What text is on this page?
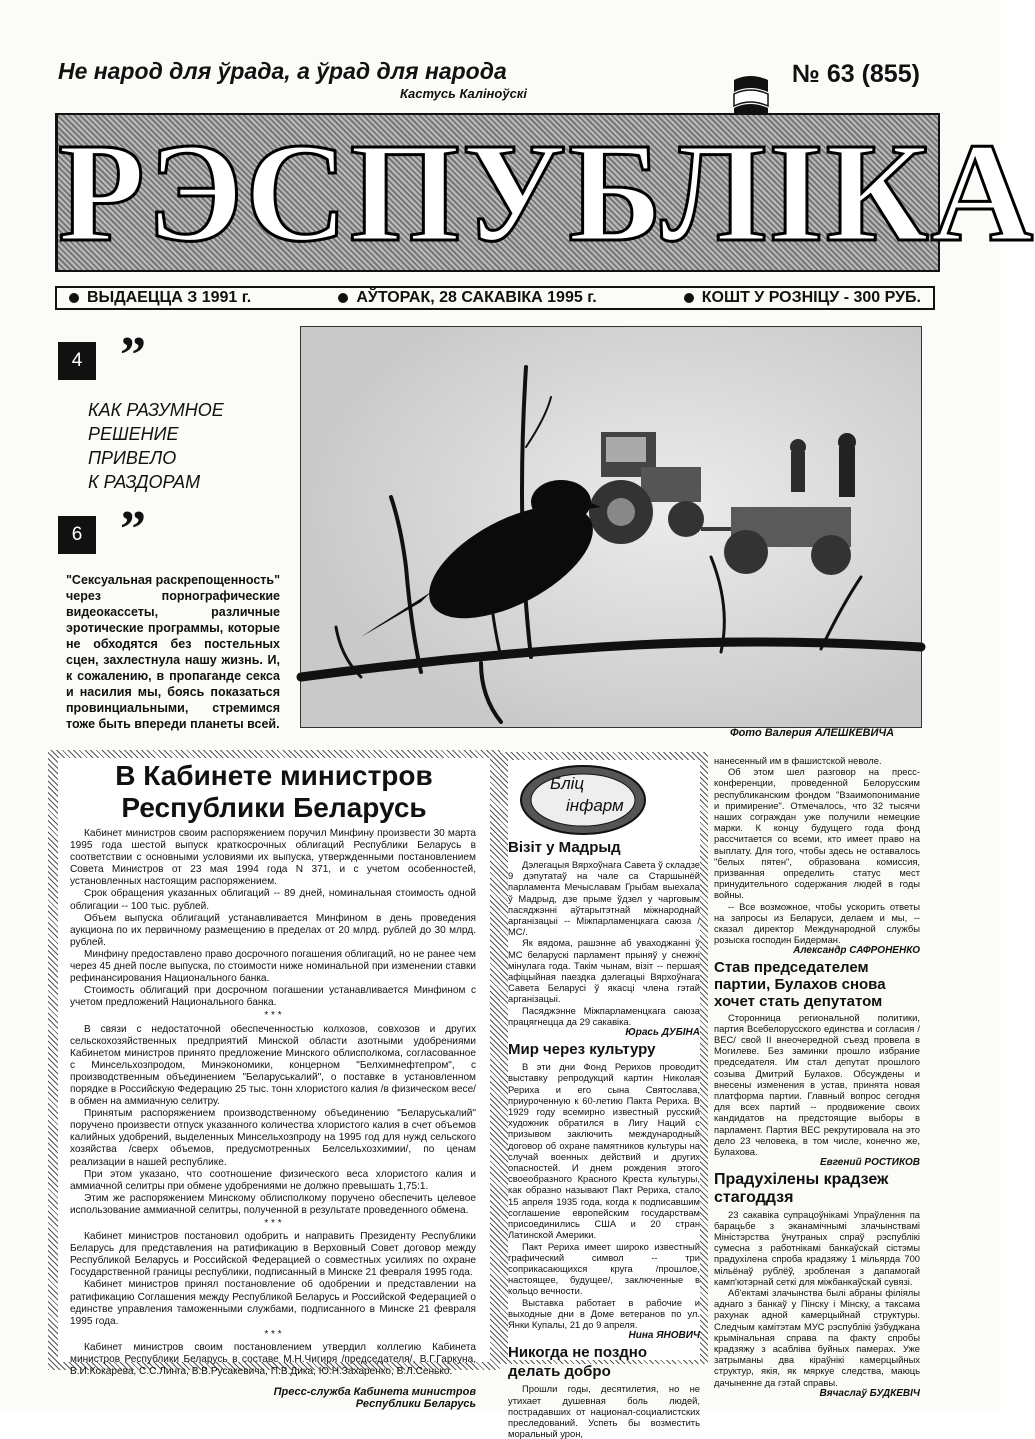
Не народ для ўрада, а ўрад для народа
Кастусь Каліноўскі
№ 63 (855)
РЭСПУБЛІКА
ВЫДАЕЦЦА З 1991 г.	АЎТОРАК, 28 САКАВІКА 1995 г.	КОШТ У РОЗНІЦУ - 300 РУБ.
4 ”
КАК РАЗУМНОЕ
РЕШЕНИЕ
ПРИВЕЛО
К РАЗДОРАМ
6 ”
"Сексуальная раскрепощенность" через порнографические видеокассеты, различные эротические программы, которые не обходятся без постельных сцен, захлестнула нашу жизнь. И, к сожалению, в пропаганде секса и насилия мы, боясь показаться провинциальными, стремимся тоже быть впереди планеты всей.
Фото Валерия АЛЕШКЕВИЧА
В Кабинете министров
Республики Беларусь

Кабинет министров своим распоряжением поручил Минфину произвести 30 марта 1995 года шестой выпуск краткосрочных облигаций Республики Беларусь в соответствии с основными условиями их выпуска, утвержденными постановлением Совета Министров от 23 мая 1994 года N 371, и с учетом особенностей, установленных настоящим распоряжением.

Срок обращения указанных облигаций -- 89 дней, номинальная стоимость одной облигации -- 100 тыс. рублей.

Объем выпуска облигаций устанавливается Минфином в день проведения аукциона по их первичному размещению в пределах от 20 млрд. рублей до 30 млрд. рублей.

Минфину предоставлено право досрочного погашения облигаций, но не ранее чем через 45 дней после выпуска, по стоимости ниже номинальной при изменении ставки рефинансирования Национального банка.

Стоимость облигаций при досрочном погашении устанавливается Минфином с учетом предложений Национального банка.

* * *

В связи с недостаточной обеспеченностью колхозов, совхозов и других сельскохозяйственных предприятий Минской области азотными удобрениями Кабинетом министров принято предложение Минского облисполкома, согласованное с Минсельхозпродом, Минэкономики, концерном "Белхимнефтепром", с производственным объединением "Беларуськалий", о поставке в установленном порядке в Российскую Федерацию 25 тыс. тонн хлористого калия /в физическом весе/ в обмен на аммиачную селитру.

Принятым распоряжением производственному объединению "Беларуськалий" поручено произвести отпуск указанного количества хлористого калия в счет объемов калийных удобрений, выделенных Минсельхозпроду на 1995 год для нужд сельского хозяйства /сверх объемов, предусмотренных Белсельхозхимии/, по ценам реализации в нашей республике.

При этом указано, что соотношение физического веса хлористого калия и аммиачной селитры при обмене удобрениями не должно превышать 1,75:1.

Этим же распоряжением Минскому облисполкому поручено обеспечить целевое использование аммиачной селитры, полученной в результате проведенного обмена.

* * *

Кабинет министров постановил одобрить и направить Президенту Республики Беларусь для представления на ратификацию в Верховный Совет договор между Республикой Беларусь и Российской Федерацией о совместных усилиях по охране Государственной границы республики, подписанный в Минске 21 февраля 1995 года.

Кабинет министров принял постановление об одобрении и представлении на ратификацию Соглашения между Республикой Беларусь и Российской Федерацией о единстве управления таможенными службами, подписанного в Минске 21 февраля 1995 года.

* * *

Кабинет министров своим постановлением утвердил коллегию Кабинета министров Республики Беларусь в составе М.Н.Чигиря /председателя/, В.Г.Гаркуна, В.И.Кокарева, С.С.Линга, В.В.Русакевича, П.В.Дика, Ю.Н.Захаренко, В.Л.Сенько.

Пресс-служба Кабинета министров
Республики Беларусь
Бліц
інфарм
Візіт у Мадрыд

Дэлегацыя Вярхоўнага Савета ў складзе 9 дэпутатаў на чале са Старшынёй парламента Мечыславам Грыбам выехала ў Мадрыд, дзе прыме ўдзел у чарговым пасяджэнні аўтарытэтнай міжнароднай арганізацыі -- Міжпарламенцкага саюза /МС/.

Як вядома, рашэнне аб уваходжанні ў МС беларускі парламент прыняў у снежні мінулага года. Такім чынам, візіт -- першая афіцыйная паездка дэлегацыі Вярхоўнага Савета Беларусі ў якасці члена гэтай арганізацыі.

Пасяджэнне Міжпарламенцкага саюза працягнецца да 29 сакавіка.

Юрась ДУБІНА
Мир через культуру

В эти дни Фонд Рерихов проводит выставку репродукций картин Николая Рериха и его сына Святослава, приуроченную к 60-летию Пакта Рериха. В 1929 году всемирно известный русский художник обратился в Лигу Наций с призывом заключить международный договор об охране памятников культуры на случай военных действий и других опасностей. И днем рождения этого своеобразного Красного Креста культуры, как образно называют Пакт Рериха, стало 15 апреля 1935 года, когда к подписавшим соглашение европейским государствам присоединились США и 20 стран Латинской Америки.

Пакт Рериха имеет широко известный графический символ -- три соприкасающихся круга /прошлое, настоящее, будущее/, заключенные в кольцо вечности.

Выставка работает в рабочие и выходные дни в Доме ветеранов по ул. Янки Купалы, 21 до 9 апреля.

Нина ЯНОВИЧ
Никогда не поздно делать добро

Прошли годы, десятилетия, но не утихает душевная боль людей, пострадавших от национал-социалистских преследований. Успеть бы возместить моральный урон,

нанесенный им в фашистской неволе.

Об этом шел разговор на пресс-конференции, проведенной Белорусским республиканским фондом "Взаимопонимание и примирение". Отмечалось, что 32 тысячи наших сограждан уже получили немецкие марки. К концу будущего года фонд рассчитается со всеми, кто имеет право на выплату. Для того, чтобы здесь не оставалось "белых пятен", образована комиссия, призванная определить статус мест принудительного содержания людей в годы войны.

-- Все возможное, чтобы ускорить ответы на запросы из Беларуси, делаем и мы, -- сказал директор Международной службы розыска господин Бидерман.

Александр САФРОНЕНКО
Став председателем партии, Булахов снова хочет стать депутатом

Сторонница региональной политики, партия Всебелорусского единства и согласия /ВЕС/ свой II внеочередной съезд провела в Могилеве. Без заминки прошло избрание председателя. Им стал депутат прошлого созыва Дмитрий Булахов. Обсуждены и внесены изменения в устав, принята новая платформа партии. Главный вопрос сегодня для всех партий -- продвижение своих кандидатов на предстоящие выборы в парламент. Партия ВЕС рекрутировала на это дело 23 человека, в том числе, конечно же, Булахова.

Евгений РОСТИКОВ
Прадухілены крадзеж стагоддзя

23 сакавіка супрацоўнікамі Упраўлення па барацьбе з эканамічнымі злачынствамі Міністэрства ўнутраных спраў рэспублікі сумесна з работнікамі банкаўскай сістэмы прадухілена спроба крадзяжу 1 мільярда 700 мільёнаў рублёў, зробленая з дапамогай камп'ютэрнай сеткі для міжбанкаўскай сувязі.

Аб'ектамі злачынства былі абраны філіялы аднаго з банкаў у Пінску і Мінску, а таксама рахунак адной камерцыйнай структуры. Следчым камітэтам МУС рэспублікі ўзбуджана крымінальная справа па факту спробы крадзяжу з асаблівa буйных памерах. Уже затрыманы два кіраўнікі камерцыйных структур, якія, як мяркуе следства, маюць дачыненне да гэтай справы.

Вячаслаў БУДКЕВІЧ
